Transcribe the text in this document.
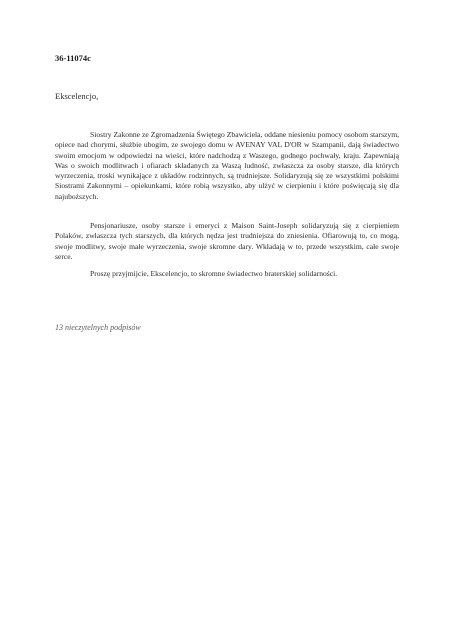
36-11074c
Ekscelencjo,

Siostry Zakonne ze Zgromadzenia Świętego Zbawiciela, oddane niesieniu pomocy osobom starszym, opiece nad chorymi, służbie ubogim, ze swojego domu w AVENAY VAL D'OR w Szampanii, dają świadectwo swoim emocjom w odpowiedzi na wieści, które nadchodzą z Waszego, godnego pochwały, kraju. Zapewniają Was o swoich modlitwach i ofiarach składanych za Waszą ludność, zwłaszcza za osoby starsze, dla których wyrzeczenia, troski wynikające z układów rodzinnych, są trudniejsze. Solidaryzują się ze wszystkimi polskimi Siostrami Zakonnymi – opiekunkami, które robią wszystko, aby ulżyć w cierpieniu i które poświęcają się dla najuboższych.

Pensjonariusze, osoby starsze i emeryci z Maison Saint-Joseph solidaryzują się z cierpieniem Polaków, zwłaszcza tych starszych, dla których nędza jest trudniejsza do zniesienia. Ofiarowują to, co mogą, swoje modlitwy, swoje małe wyrzeczenia, swoje skromne dary. Wkładają w to, przede wszystkim, całe swoje serce.

Proszę przyjmijcie, Ekscelencjo, to skromne świadectwo braterskiej solidarności.

13 nieczytelnych podpisów
